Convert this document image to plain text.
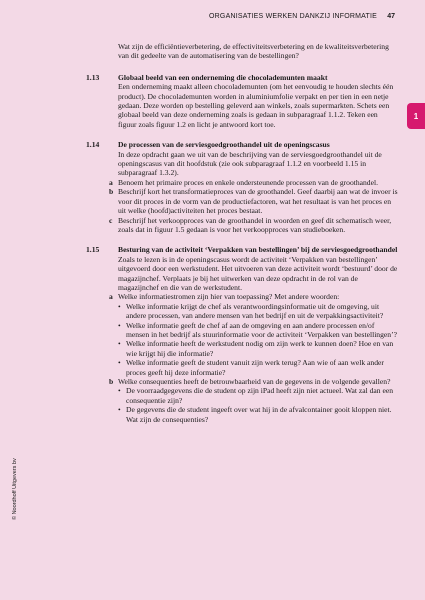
ORGANISATIES WERKEN DANKZIJ INFORMATIE 47
1
© Noordhoff Uitgevers bv
Wat zijn de efficiëntieverbetering, de effectiviteitsverbetering en de kwaliteitsverbetering van dit gedeelte van de automatisering van de bestellingen?
1.13 Globaal beeld van een onderneming die chocolademunten maakt
Een onderneming maakt alleen chocolademunten (om het eenvoudig te houden slechts één product). De chocolademunten worden in aluminiumfolie verpakt en per tien in een netje gedaan. Deze worden op bestelling geleverd aan winkels, zoals supermarkten. Schets een globaal beeld van deze onderneming zoals is gedaan in subparagraaf 1.1.2. Teken een figuur zoals figuur 1.2 en licht je antwoord kort toe.
1.14 De processen van de serviesgoedgroothandel uit de openingscasus
In deze opdracht gaan we uit van de beschrijving van de serviesgoedgroothandel uit de openingscasus van dit hoofdstuk (zie ook subparagraaf 1.1.2 en voorbeeld 1.15 in subparagraaf 1.3.2).
a Benoem het primaire proces en enkele ondersteunende processen van de groothandel.
b Beschrijf kort het transformatieproces van de groothandel. Geef daarbij aan wat de invoer is voor dit proces in de vorm van de productiefactoren, wat het resultaat is van het proces en uit welke (hoofd)activiteiten het proces bestaat.
c Beschrijf het verkoopproces van de groothandel in woorden en geef dit schematisch weer, zoals dat in figuur 1.5 gedaan is voor het verkoopproces van studieboeken.
1.15 Besturing van de activiteit ‘Verpakken van bestellingen’ bij de serviesgoedgroothandel
Zoals te lezen is in de openingscasus wordt de activiteit ‘Verpakken van bestellingen’ uitgevoerd door een werkstudent. Het uitvoeren van deze activiteit wordt ‘bestuurd’ door de magazijnchef. Verplaats je bij het uitwerken van deze opdracht in de rol van de magazijnchef en die van de werkstudent.
a Welke informatiestromen zijn hier van toepassing? Met andere woorden:
• Welke informatie krijgt de chef als verantwoordingsinformatie uit de omgeving, uit andere processen, van andere mensen van het bedrijf en uit de verpakkingsactiviteit?
• Welke informatie geeft de chef af aan de omgeving en aan andere processen en/of mensen in het bedrijf als stuurinformatie voor de activiteit ‘Verpakken van bestellingen’?
• Welke informatie heeft de werkstudent nodig om zijn werk te kunnen doen? Hoe en van wie krijgt hij die informatie?
• Welke informatie geeft de student vanuit zijn werk terug? Aan wie of aan welk ander proces geeft hij deze informatie?
b Welke consequenties heeft de betrouwbaarheid van de gegevens in de volgende gevallen?
• De voorraadgegevens die de student op zijn iPad heeft zijn niet actueel. Wat zal dan een consequentie zijn?
• De gegevens die de student ingeeft over wat hij in de afvalcontainer gooit kloppen niet. Wat zijn de consequenties?
